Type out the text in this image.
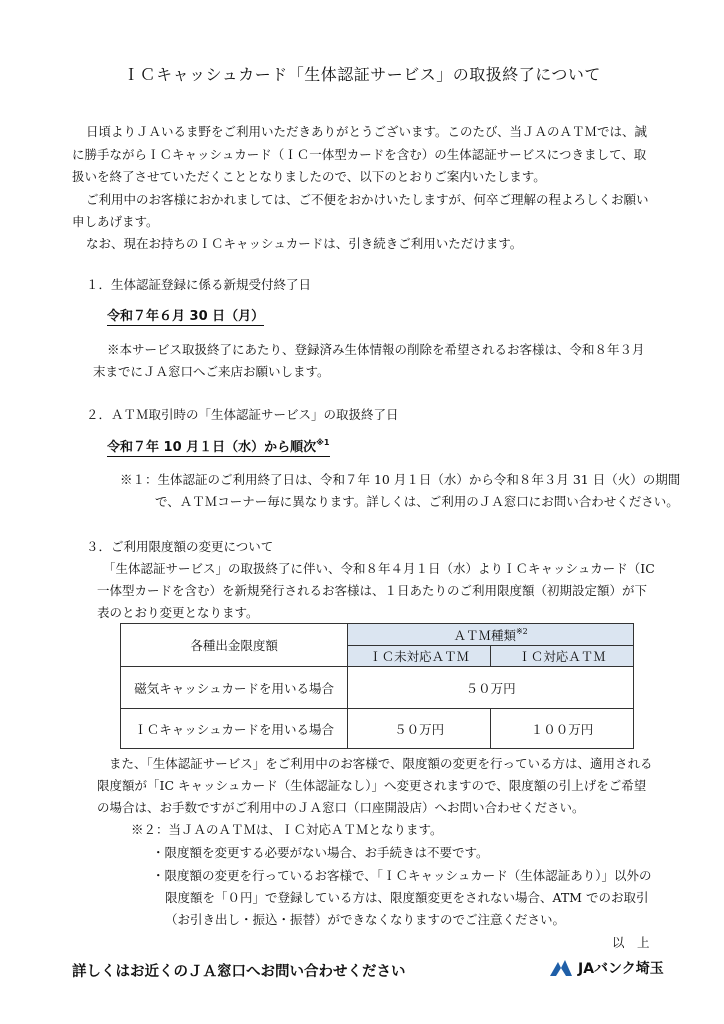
ＩＣキャッシュカード「生体認証サービス」の取扱終了について
日頃よりＪＡいるま野をご利用いただきありがとうございます。このたび、当ＪＡのＡＴＭでは、誠
に勝手ながらＩＣキャッシュカード（ＩＣ一体型カードを含む）の生体認証サービスにつきまして、取
扱いを終了させていただくこととなりましたので、以下のとおりご案内いたします。
ご利用中のお客様におかれましては、ご不便をおかけいたしますが、何卒ご理解の程よろしくお願い
申しあげます。
なお、現在お持ちのＩＣキャッシュカードは、引き続きご利用いただけます。
１．生体認証登録に係る新規受付終了日
令和７年６月 30 日（月）
※本サービス取扱終了にあたり、登録済み生体情報の削除を希望されるお客様は、令和８年３月
末までにＪＡ窓口へご来店お願いします。
２．ＡＴＭ取引時の「生体認証サービス」の取扱終了日
令和７年 10 月１日（水）から順次$^{※1}$
※１：生体認証のご利用終了日は、令和７年 10 月１日（水）から令和８年３月 31 日（火）の期間
で、ＡＴＭコーナー毎に異なります。詳しくは、ご利用のＪＡ窓口にお問い合わせください。
３．ご利用限度額の変更について
「生体認証サービス」の取扱終了に伴い、令和８年４月１日（水）よりＩＣキャッシュカード（IC
一体型カードを含む）を新規発行されるお客様は、１日あたりのご利用限度額（初期設定額）が下
表のとおり変更となります。
各種出金限度額	ＡＴＭ種類$^{※2}$
	ＩＣ未対応ＡＴＭ	ＩＣ対応ＡＴＭ
磁気キャッシュカードを用いる場合	５０万円	
ＩＣキャッシュカードを用いる場合	５０万円	１００万円
また、「生体認証サービス」をご利用中のお客様で、限度額の変更を行っている方は、適用される
限度額が「IC キャッシュカード（生体認証なし）」へ変更されますので、限度額の引上げをご希望
の場合は、お手数ですがご利用中のＪＡ窓口（口座開設店）へお問い合わせください。
※２：当ＪＡのＡＴＭは、ＩＣ対応ＡＴＭとなります。
・限度額を変更する必要がない場合、お手続きは不要です。
・限度額の変更を行っているお客様で、「ＩＣキャッシュカード（生体認証あり）」以外の
限度額を「０円」で登録している方は、限度額変更をされない場合、ATM でのお取引
（お引き出し・振込・振替）ができなくなりますのでご注意ください。
以　上
詳しくはお近くのＪＡ窓口へお問い合わせください	JAバンク埼玉
